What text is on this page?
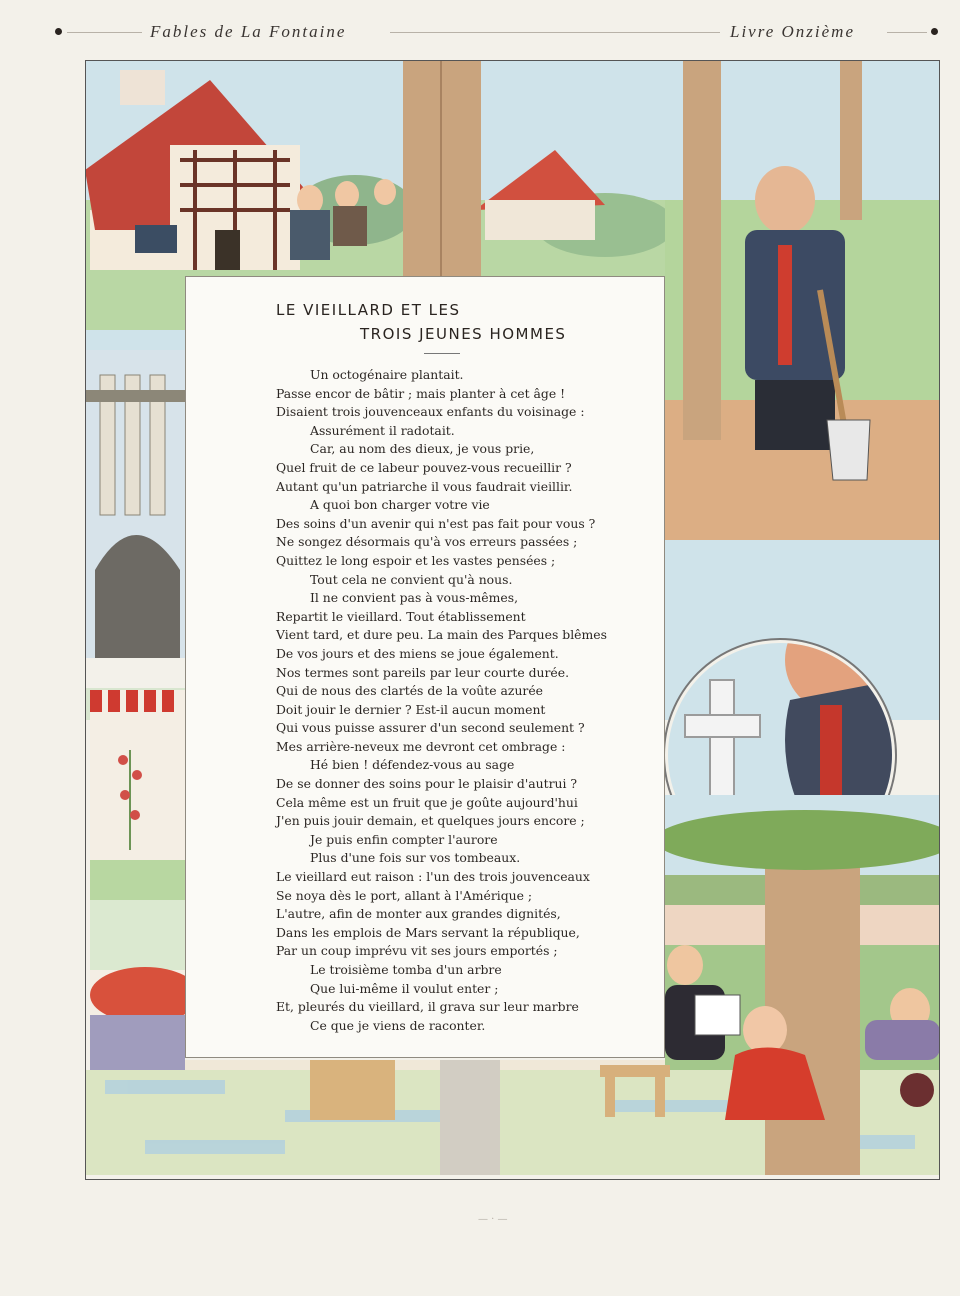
Fables de La Fontaine	Livre Onzième
LE VIEILLARD ET LES
TROIS JEUNES HOMMES
Un octogénaire plantait.
Passe encor de bâtir ; mais planter à cet âge !
Disaient trois jouvenceaux enfants du voisinage :
Assurément il radotait.
Car, au nom des dieux, je vous prie,
Quel fruit de ce labeur pouvez-vous recueillir ?
Autant qu'un patriarche il vous faudrait vieillir.
A quoi bon charger votre vie
Des soins d'un avenir qui n'est pas fait pour vous ?
Ne songez désormais qu'à vos erreurs passées ;
Quittez le long espoir et les vastes pensées ;
Tout cela ne convient qu'à nous.
Il ne convient pas à vous-mêmes,
Repartit le vieillard. Tout établissement
Vient tard, et dure peu. La main des Parques blêmes
De vos jours et des miens se joue également.
Nos termes sont pareils par leur courte durée.
Qui de nous des clartés de la voûte azurée
Doit jouir le dernier ? Est-il aucun moment
Qui vous puisse assurer d'un second seulement ?
Mes arrière-neveux me devront cet ombrage :
Hé bien ! défendez-vous au sage
De se donner des soins pour le plaisir d'autrui ?
Cela même est un fruit que je goûte aujourd'hui
J'en puis jouir demain, et quelques jours encore ;
Je puis enfin compter l'aurore
Plus d'une fois sur vos tombeaux.
Le vieillard eut raison : l'un des trois jouvenceaux
Se noya dès le port, allant à l'Amérique ;
L'autre, afin de monter aux grandes dignités,
Dans les emplois de Mars servant la république,
Par un coup imprévu vit ses jours emportés ;
Le troisième tomba d'un arbre
Que lui-même il voulut enter ;
Et, pleurés du vieillard, il grava sur leur marbre
Ce que je viens de raconter.
— · —
